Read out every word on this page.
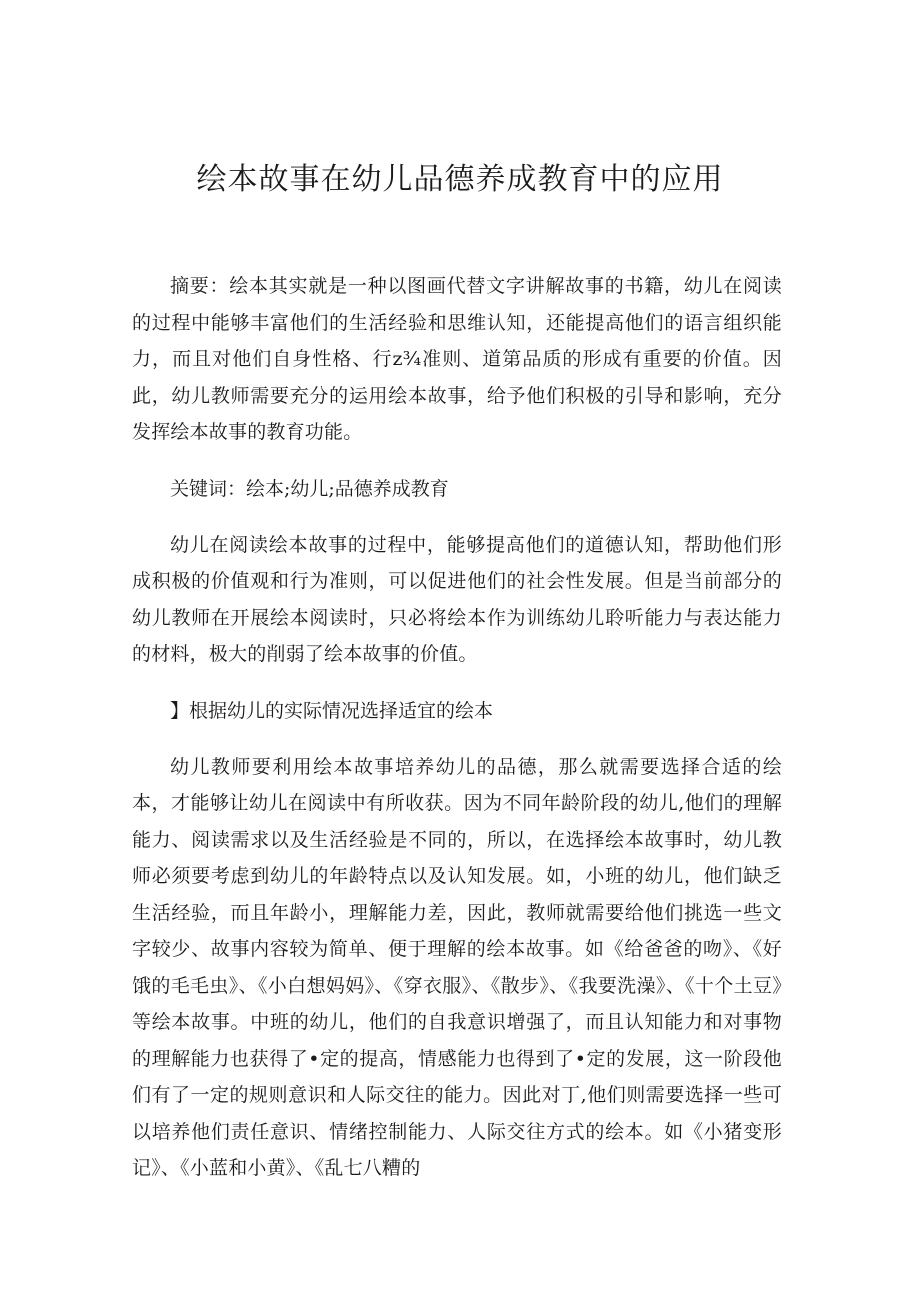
绘本故事在幼儿品德养成教育中的应用

摘要：绘本其实就是一种以图画代替文字讲解故事的书籍，幼儿在阅读的过程中能够丰富他们的生活经验和思维认知，还能提高他们的语言组织能力，而且对他们自身性格、行z¾准则、道第品质的形成有重要的价值。因此，幼儿教师需要充分的运用绘本故事，给予他们积极的引导和影响，充分发挥绘本故事的教育功能。

关键词：绘本;幼儿;品德养成教育

幼儿在阅读绘本故事的过程中，能够提高他们的道德认知，帮助他们形成积极的价值观和行为准则，可以促进他们的社会性发展。但是当前部分的幼儿教师在开展绘本阅读时，只必将绘本作为训练幼儿聆听能力与表达能力的材料，极大的削弱了绘本故事的价值。

】根据幼儿的实际情况选择适宜的绘本

幼儿教师要利用绘本故事培养幼儿的品德，那么就需要选择合适的绘本，才能够让幼儿在阅读中有所收获。因为不同年龄阶段的幼儿,他们的理解能力、阅读需求以及生活经验是不同的，所以，在选择绘本故事时，幼儿教师必须要考虑到幼儿的年龄特点以及认知发展。如，小班的幼儿，他们缺乏生活经验，而且年龄小，理解能力差，因此，教师就需要给他们挑选一些文字较少、故事内容较为简单、便于理解的绘本故事。如《给爸爸的吻》、《好饿的毛毛虫》、《小白想妈妈》、《穿衣服》、《散步》、《我要洗澡》、《十个土豆》等绘本故事。中班的幼儿，他们的自我意识增强了，而且认知能力和对事物的理解能力也获得了•定的提高，情感能力也得到了•定的发展，这一阶段他们有了一定的规则意识和人际交往的能力。因此对丁,他们则需要选择一些可以培养他们责任意识、情绪控制能力、人际交往方式的绘本。如《小猪变形记》、《小蓝和小黄》、《乱七八糟的
